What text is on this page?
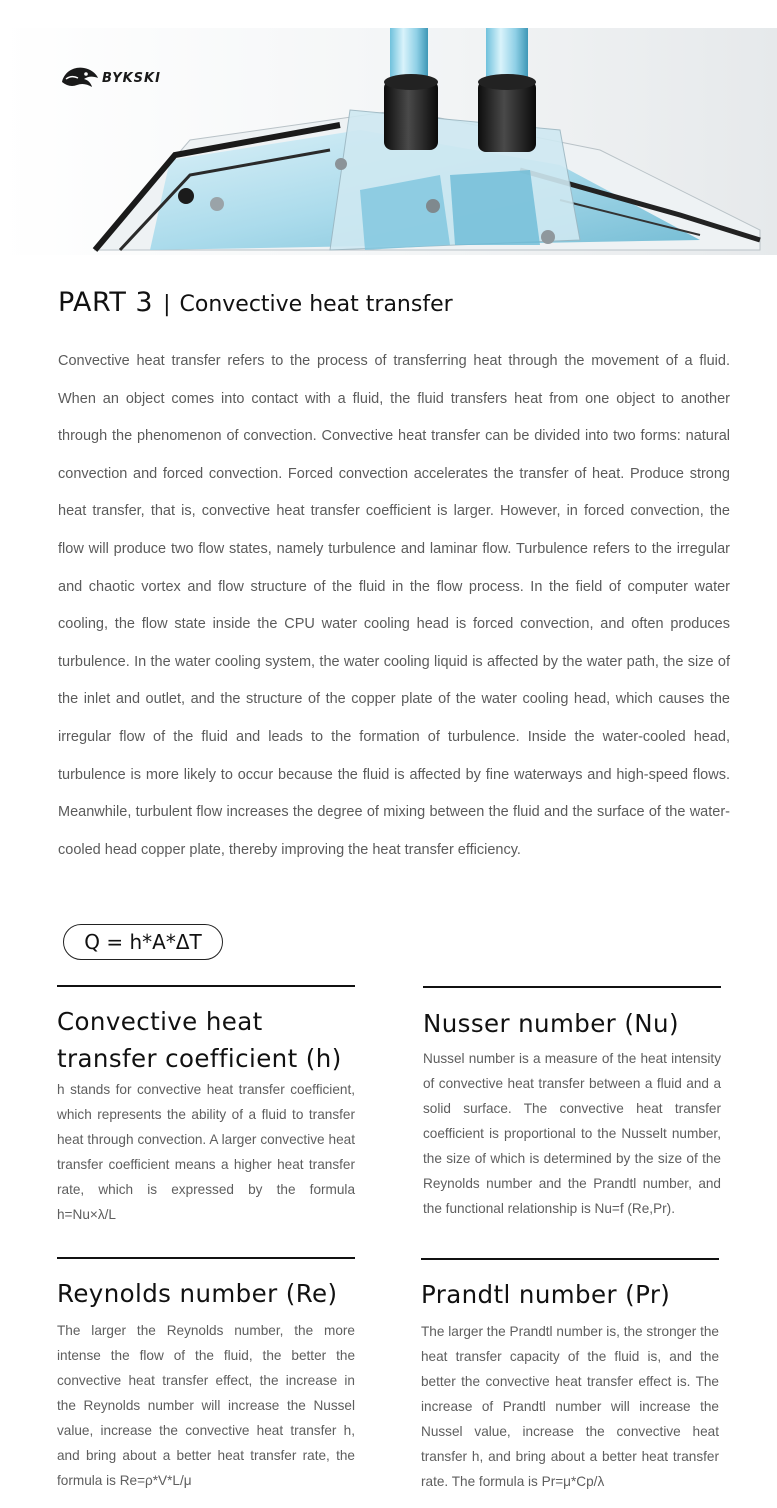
BYKSKI
PART 3 | Convective heat transfer

Convective heat transfer refers to the process of transferring heat through the movement of a fluid. When an object comes into contact with a fluid, the fluid transfers heat from one object to another through the phenomenon of convection. Convective heat transfer can be divided into two forms: natural convection and forced convection. Forced convection accelerates the transfer of heat. Produce strong heat transfer, that is, convective heat transfer coefficient is larger. However, in forced convection, the flow will produce two flow states, namely turbulence and laminar flow. Turbulence refers to the irregular and chaotic vortex and flow structure of the fluid in the flow process. In the field of computer water cooling, the flow state inside the CPU water cooling head is forced convection, and often produces turbulence. In the water cooling system, the water cooling liquid is affected by the water path, the size of the inlet and outlet, and the structure of the copper plate of the water cooling head, which causes the irregular flow of the fluid and leads to the formation of turbulence. Inside the water-cooled head, turbulence is more likely to occur because the fluid is affected by fine waterways and high-speed flows. Meanwhile, turbulent flow increases the degree of mixing between the fluid and the surface of the water-cooled head copper plate, thereby improving the heat transfer efficiency.

Q = h*A*ΔT
Convective heat transfer coefficient (h)

h stands for convective heat transfer coefficient, which represents the ability of a fluid to transfer heat through convection. A larger convective heat transfer coefficient means a higher heat transfer rate, which is expressed by the formula h=Nu×λ/L

Nusser number (Nu)

Nussel number is a measure of the heat intensity of convective heat transfer between a fluid and a solid surface. The convective heat transfer coefficient is proportional to the Nusselt number, the size of which is determined by the size of the Reynolds number and the Prandtl number, and the functional relationship is Nu=f (Re,Pr).

Reynolds number (Re)

The larger the Reynolds number, the more intense the flow of the fluid, the better the convective heat transfer effect, the increase in the Reynolds number will increase the Nussel value, increase the convective heat transfer h, and bring about a better heat transfer rate, the formula is Re=ρ*V*L/μ

Prandtl number (Pr)

The larger the Prandtl number is, the stronger the heat transfer capacity of the fluid is, and the better the convective heat transfer effect is. The increase of Prandtl number will increase the Nussel value, increase the convective heat transfer h, and bring about a better heat transfer rate. The formula is Pr=μ*Cp/λ
